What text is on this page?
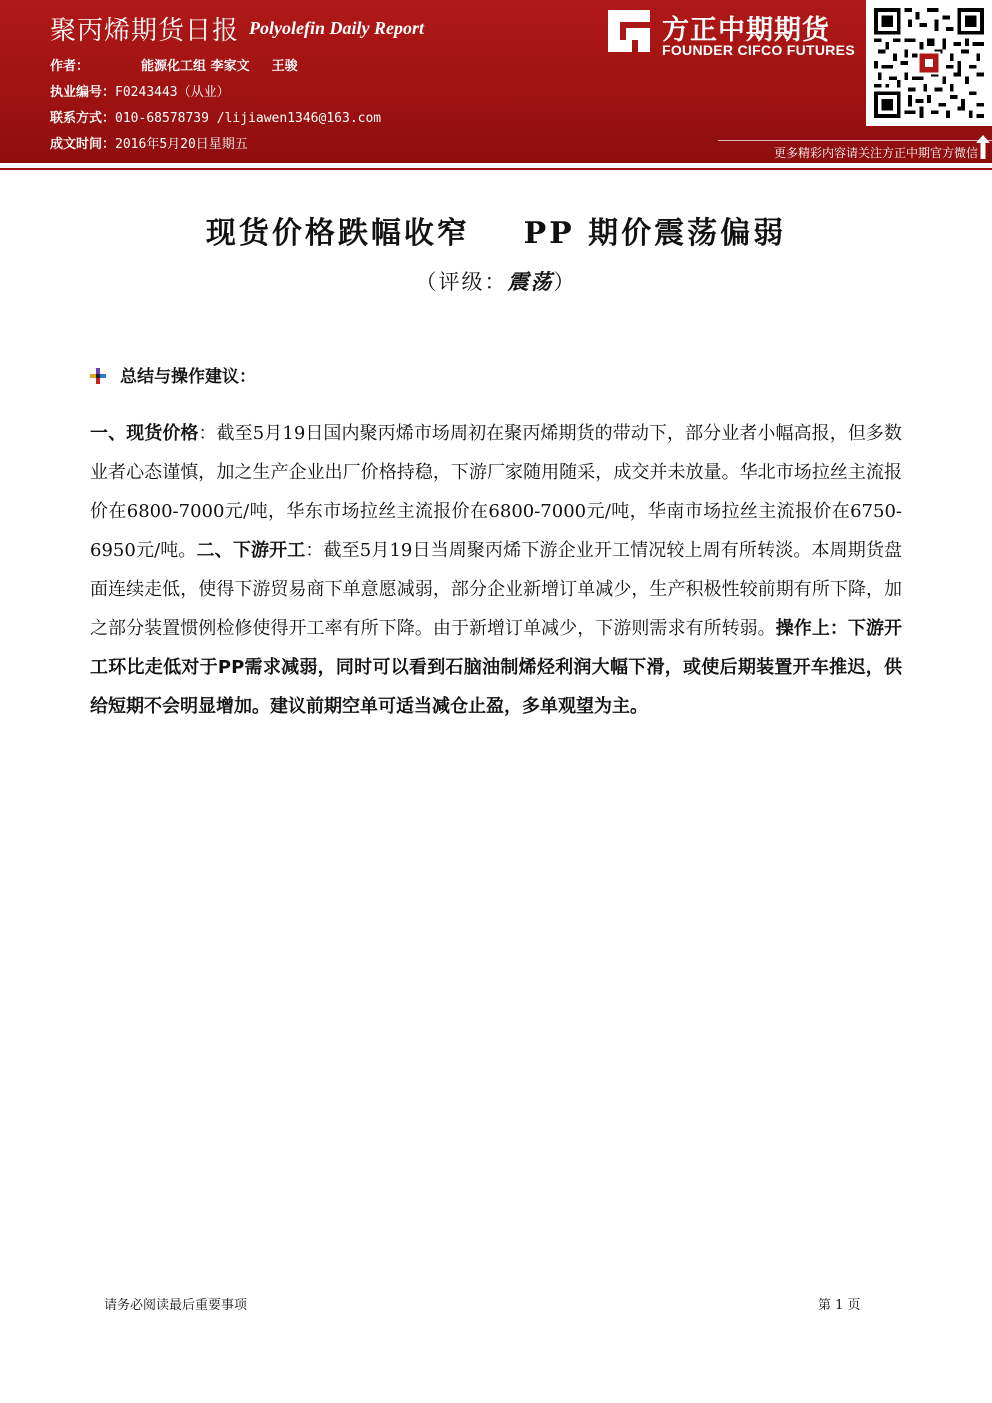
聚丙烯期货日报 Polyolefin Daily Report
作者：	能源化工组 李家文 王骏
执业编号：F0243443（从业）
联系方式：010-68578739 /lijiawen1346@163.com
成文时间：2016年5月20日星期五
方正中期期货
FOUNDER CIFCO FUTURES
更多精彩内容请关注方正中期官方微信
现货价格跌幅收窄    PP 期价震荡偏弱
（评级：震荡）
总结与操作建议：
一、现货价格：截至5月19日国内聚丙烯市场周初在聚丙烯期货的带动下，部分业者小幅高报，但多数业者心态谨慎，加之生产企业出厂价格持稳，下游厂家随用随采，成交并未放量。华北市场拉丝主流报价在6800-7000元/吨，华东市场拉丝主流报价在6800-7000元/吨，华南市场拉丝主流报价在6750-6950元/吨。二、下游开工：截至5月19日当周聚丙烯下游企业开工情况较上周有所转淡。本周期货盘面连续走低，使得下游贸易商下单意愿减弱，部分企业新增订单减少，生产积极性较前期有所下降，加之部分装置惯例检修使得开工率有所下降。由于新增订单减少，下游则需求有所转弱。操作上：下游开工环比走低对于PP需求减弱，同时可以看到石脑油制烯烃利润大幅下滑，或使后期装置开车推迟，供给短期不会明显增加。建议前期空单可适当减仓止盈，多单观望为主。
请务必阅读最后重要事项	第 1 页
